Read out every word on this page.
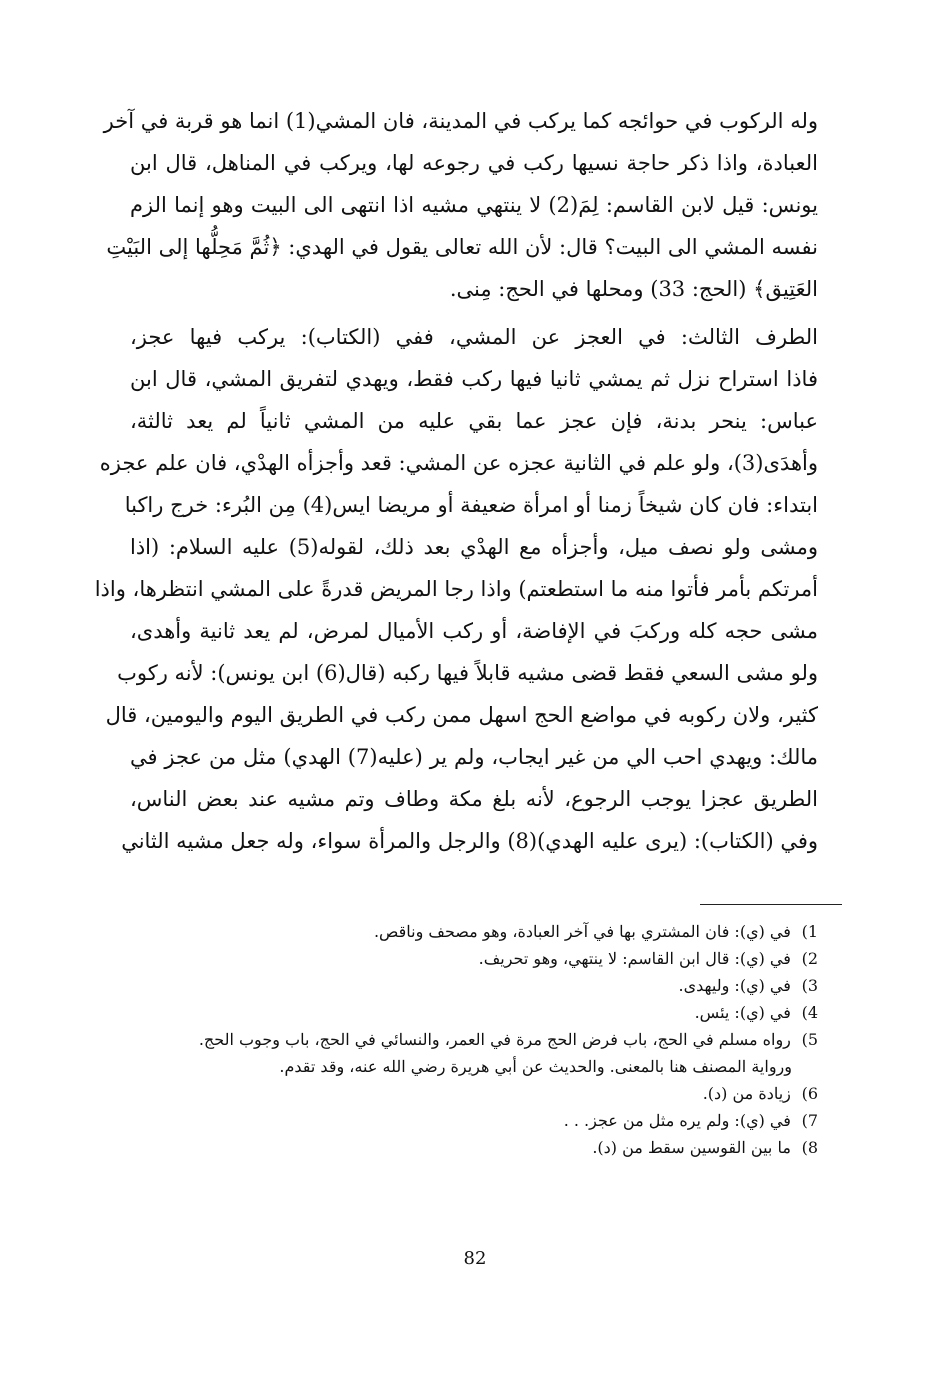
وله الركوب في حوائجه كما يركب في المدينة، فان المشي(1) انما هو قربة في آخر
العبادة، واذا ذكر حاجة نسيها ركب في رجوعه لها، ويركب في المناهل، قال ابن
يونس: قيل لابن القاسم: لِمَ(2) لا ينتهي مشيه اذا انتهى الى البيت وهو إنما الزم
نفسه المشي الى البيت؟ قال: لأن الله تعالى يقول في الهدي: ﴿ثُمَّ مَحِلُّها إلى البَيْتِ
العَتِيق﴾ (الحج: 33) ومحلها في الحج: مِنى.
الطرف الثالث: في العجز عن المشي، ففي (الكتاب): يركب فيها عجز،
فاذا استراح نزل ثم يمشي ثانيا فيها ركب فقط، ويهدي لتفريق المشي، قال ابن
عباس: ينحر بدنة، فإن عجز عما بقي عليه من المشي ثانياً لم يعد ثالثة،
وأهدَى(3)، ولو علم في الثانية عجزه عن المشي: قعد وأجزأه الهدْي، فان علم عجزه
ابتداء: فان كان شيخاً زمنا أو امرأة ضعيفة أو مريضا ايس(4) مِن البُرء: خرج راكبا
ومشى ولو نصف ميل، وأجزأه مع الهدْي بعد ذلك، لقوله(5) عليه السلام: (اذا
أمرتكم بأمر فأتوا منه ما استطعتم) واذا رجا المريض قدرةً على المشي انتظرها، واذا
مشى حجه كله وركبَ في الإفاضة، أو ركب الأميال لمرض، لم يعد ثانية وأهدى،
ولو مشى السعي فقط قضى مشيه قابلاً فيها ركبه (قال(6) ابن يونس): لأنه ركوب
كثير، ولان ركوبه في مواضع الحج اسهل ممن ركب في الطريق اليوم واليومين، قال
مالك: ويهدي احب الي من غير ايجاب، ولم ير (عليه(7) الهدي) مثل من عجز في
الطريق عجزا يوجب الرجوع، لأنه بلغ مكة وطاف وتم مشيه عند بعض الناس،
وفي (الكتاب): (يرى عليه الهدي)(8) والرجل والمرأة سواء، وله جعل مشيه الثاني
1) في (ي): فان المشتري بها في آخر العبادة، وهو مصحف وناقص.
2) في (ي): قال ابن القاسم: لا ينتهي، وهو تحريف.
3) في (ي): وليهدى.
4) في (ي): يئس.
5) رواه مسلم في الحج، باب فرض الحج مرة في العمر، والنسائي في الحج، باب وجوب الحج.
ورواية المصنف هنا بالمعنى. والحديث عن أبي هريرة رضي الله عنه، وقد تقدم.
6) زيادة من (د).
7) في (ي): ولم يره مثل من عجز. . .
8) ما بين القوسين سقط من (د).
82
